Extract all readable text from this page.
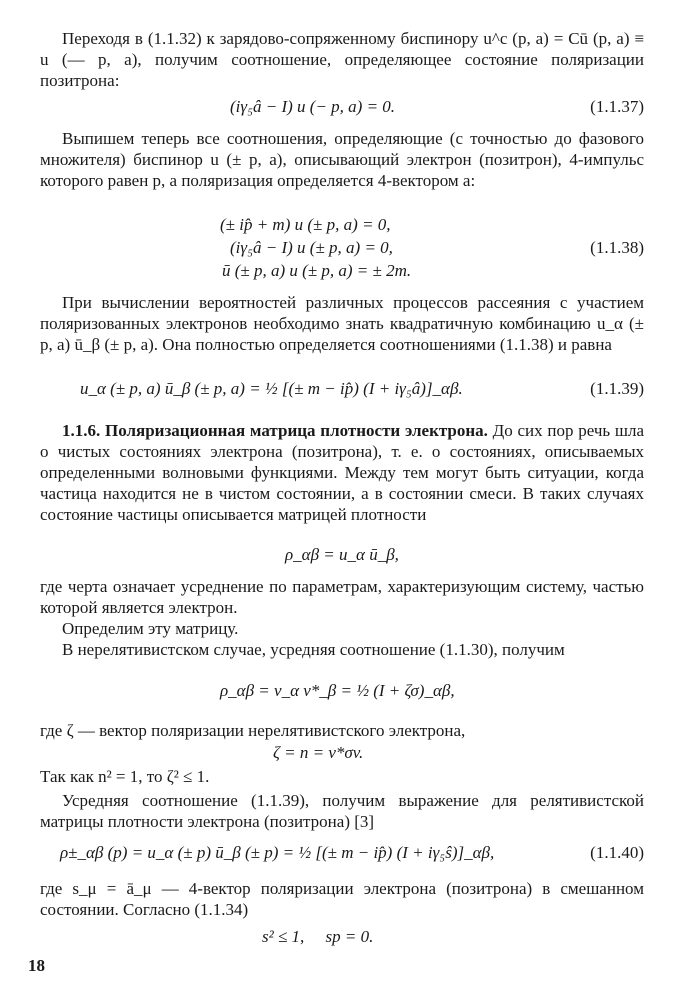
Переходя в (1.1.32) к зарядово-сопряженному биспинору u^c (p, a) = Cū (p, a) ≡ u (— p, a), получим соотношение, определяющее состояние поляризации позитрона:

(iγ₅â − I) u (− p, a) = 0.	(1.1.37)

Выпишем теперь все соотношения, определяющие (с точностью до фазового множителя) биспинор u (± p, a), описывающий электрон (позитрон), 4-импульс которого равен p, а поляризация определяется 4-вектором a:

(± ip̂ + m) u (± p, a) = 0,
(iγ₅â − I) u (± p, a) = 0,
ū (± p, a) u (± p, a) = ± 2m.
(1.1.38)

При вычислении вероятностей различных процессов рассеяния с участием поляризованных электронов необходимо знать квадратичную комбинацию u_α (± p, a) ū_β (± p, a). Она полностью определяется соотношениями (1.1.38) и равна

u_α (± p, a) ū_β (± p, a) = ½ [(± m − ip̂) (I + iγ₅â)]_αβ.	(1.1.39)

1.1.6. Поляризационная матрица плотности электрона. До сих пор речь шла о чистых состояниях электрона (позитрона), т. е. о состояниях, описываемых определенными волновыми функциями. Между тем могут быть ситуации, когда частица находится не в чистом состоянии, а в состоянии смеси. В таких случаях состояние частицы описывается матрицей плотности

ρ_αβ = u_α ū_β,

где черта означает усреднение по параметрам, характеризующим систему, частью которой является электрон.

Определим эту матрицу.

В нерелятивистском случае, усредняя соотношение (1.1.30), получим

ρ_αβ = v_α v*_β = ½ (I + ζσ)_αβ,

где ζ — вектор поляризации нерелятивистского электрона,

ζ = n = v*σv.

Так как n² = 1, то ζ² ≤ 1.

Усредняя соотношение (1.1.39), получим выражение для релятивистской матрицы плотности электрона (позитрона) [3]

ρ±_αβ (p) = u_α (± p) ū_β (± p) = ½ [(± m − ip̂) (I + iγ₅ŝ)]_αβ,	(1.1.40)

где s_μ = ā_μ — 4-вектор поляризации электрона (позитрона) в смешанном состоянии. Согласно (1.1.34)

s² ≤ 1,     sp = 0.
18
